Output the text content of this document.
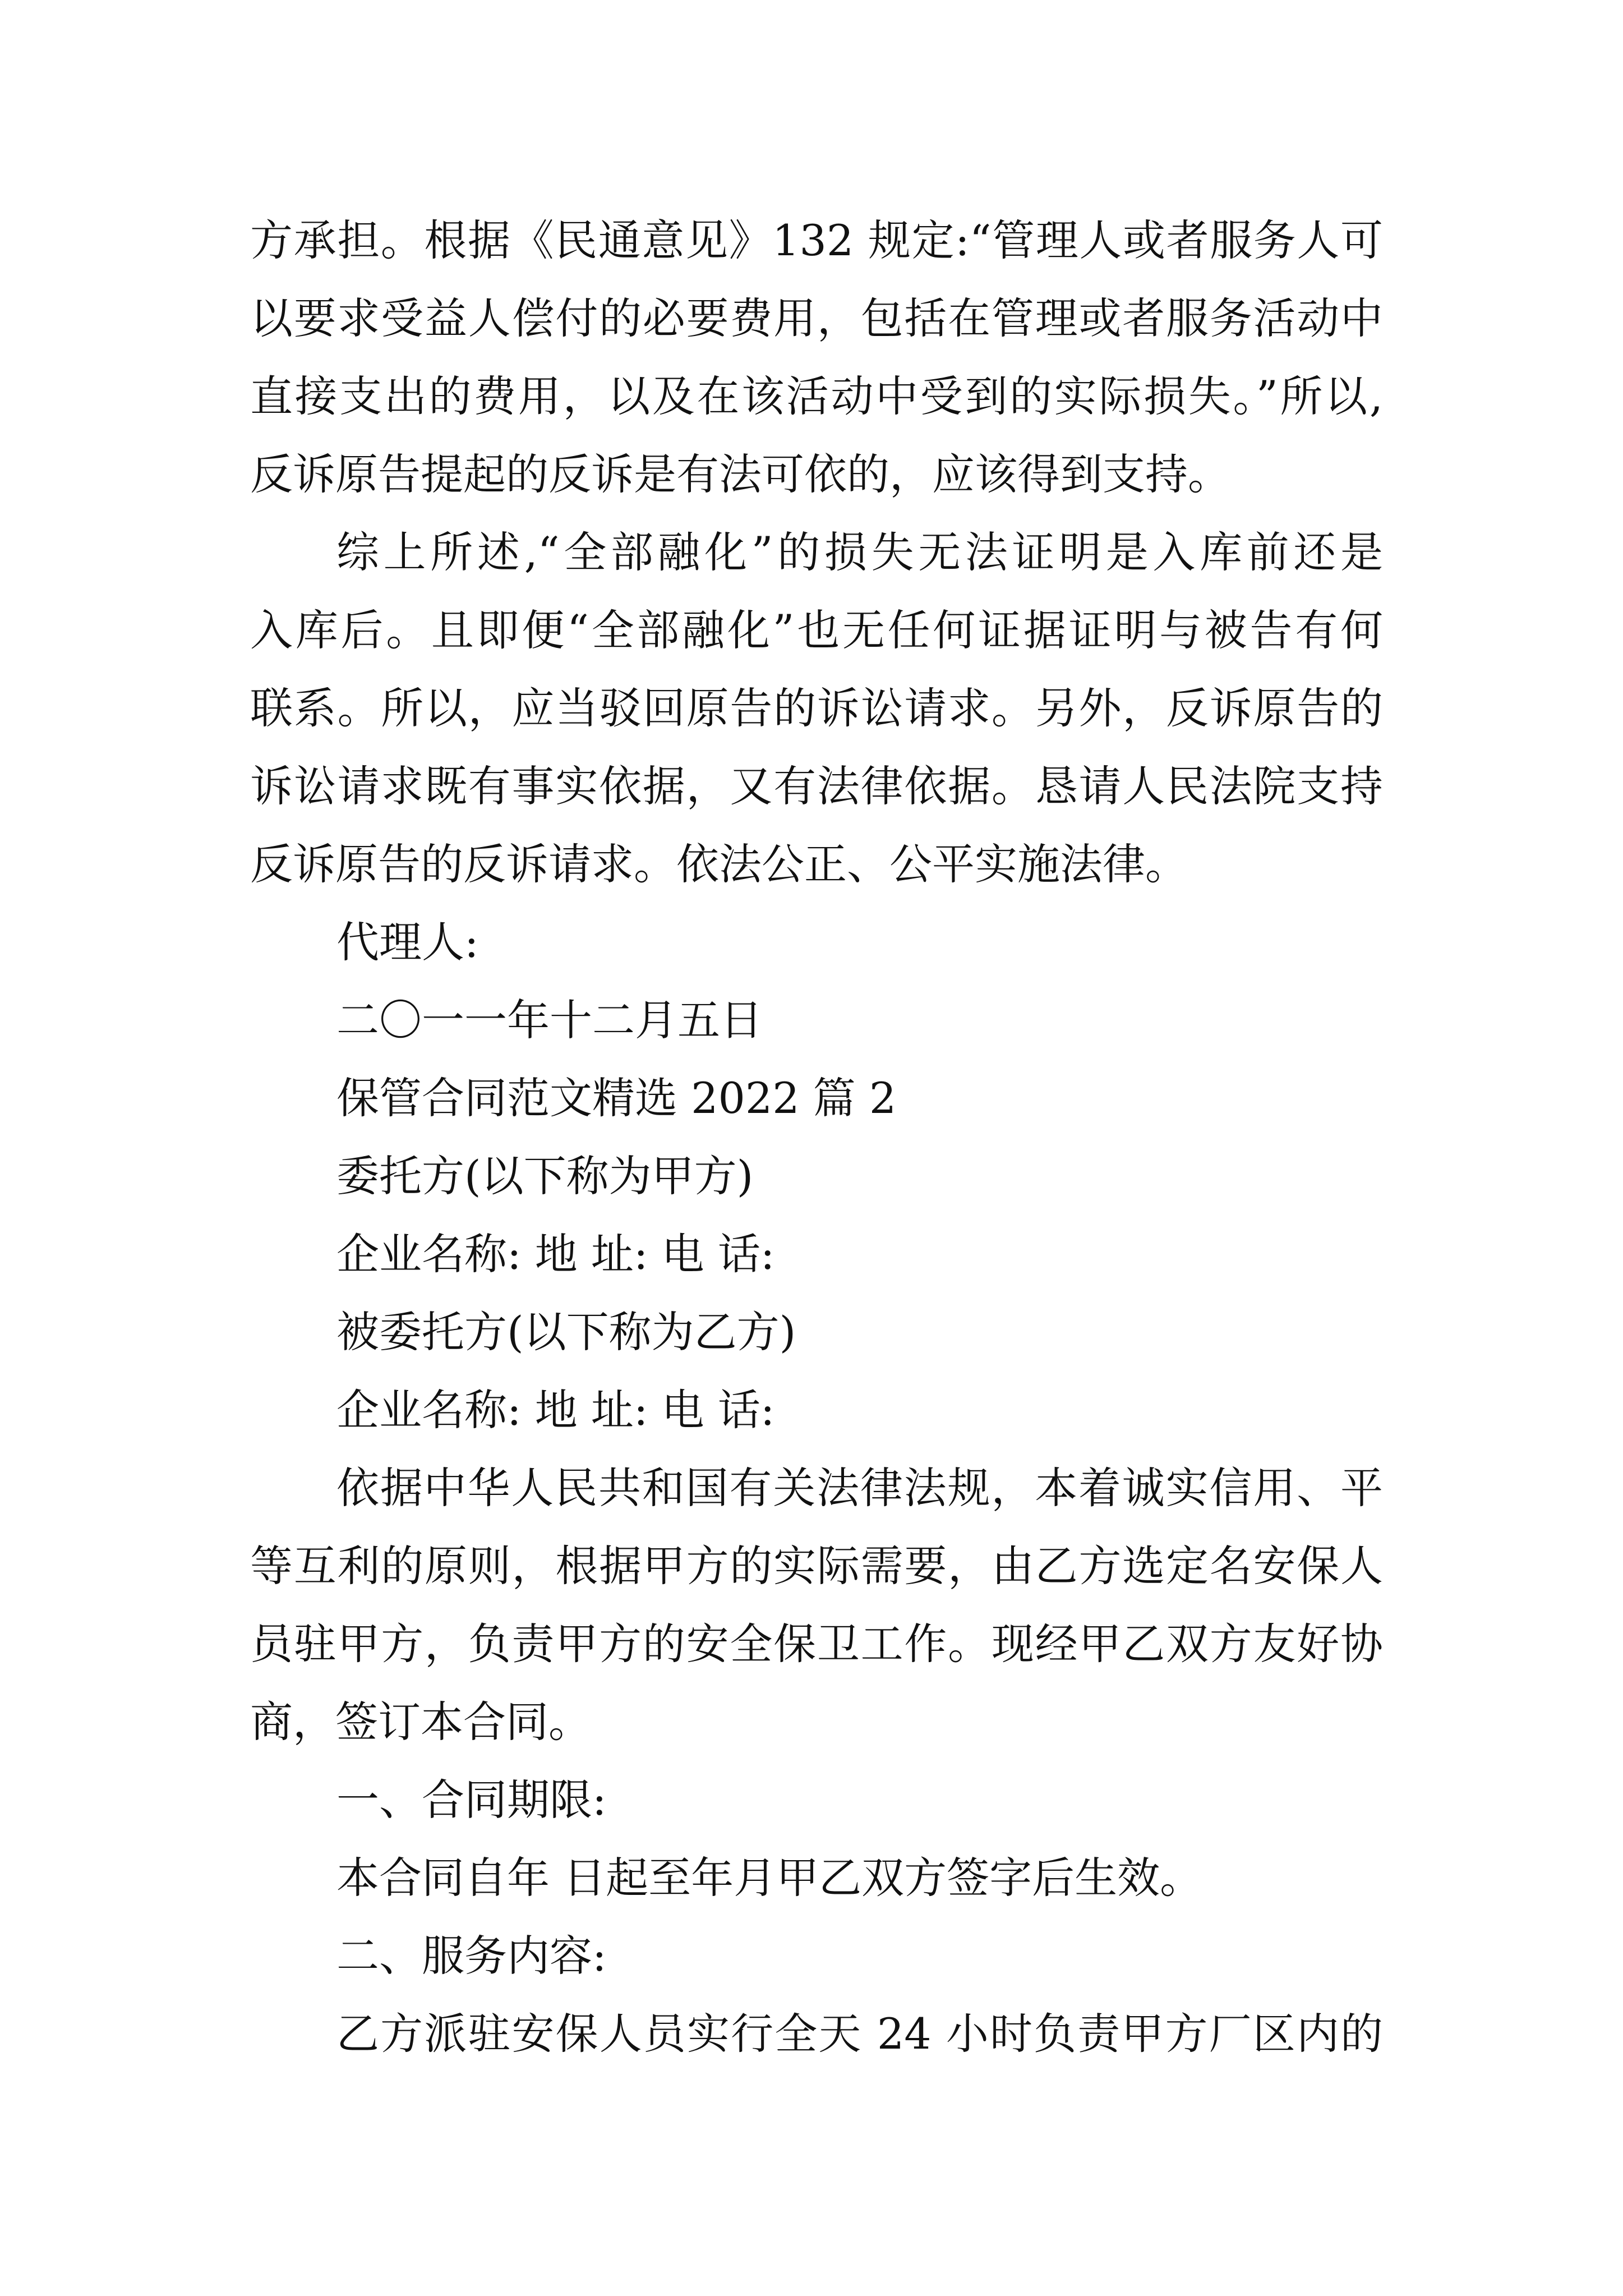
方承担。根据《民通意见》132 规定:“管理人或者服务人可
以要求受益人偿付的必要费用，包括在管理或者服务活动中
直接支出的费用，以及在该活动中受到的实际损失。”所以,
反诉原告提起的反诉是有法可依的，应该得到支持。
综上所述,“全部融化”的损失无法证明是入库前还是
入库后。且即便“全部融化”也无任何证据证明与被告有何
联系。所以，应当驳回原告的诉讼请求。另外，反诉原告的
诉讼请求既有事实依据，又有法律依据。恳请人民法院支持
反诉原告的反诉请求。依法公正、公平实施法律。
代理人:
二〇一一年十二月五日
保管合同范文精选 2022 篇 2
委托方(以下称为甲方)
企业名称: 地 址: 电 话:
被委托方(以下称为乙方)
企业名称: 地 址: 电 话:
依据中华人民共和国有关法律法规，本着诚实信用、平
等互利的原则，根据甲方的实际需要，由乙方选定名安保人
员驻甲方，负责甲方的安全保卫工作。现经甲乙双方友好协
商，签订本合同。
一、合同期限:
本合同自年 日起至年月甲乙双方签字后生效。
二、服务内容:
乙方派驻安保人员实行全天 24 小时负责甲方厂区内的
